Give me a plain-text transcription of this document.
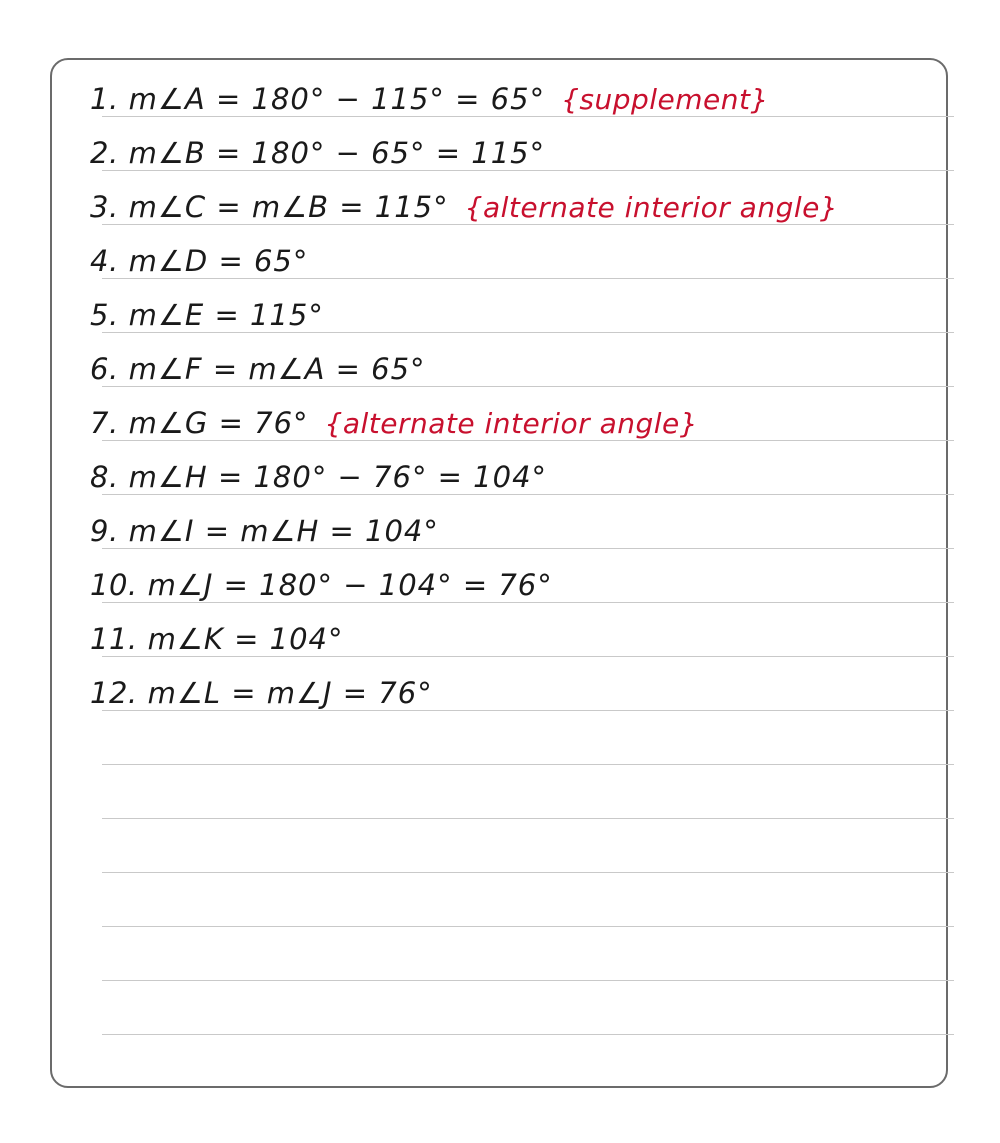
1. m∠A = 180° − 115° = 65° {supplement}
2. m∠B = 180° − 65° = 115°
3. m∠C = m∠B = 115° {alternate interior angle}
4. m∠D = 65°
5. m∠E = 115°
6. m∠F = m∠A = 65°
7. m∠G = 76° {alternate interior angle}
8. m∠H = 180° − 76° = 104°
9. m∠I = m∠H = 104°
10. m∠J = 180° − 104° = 76°
11. m∠K = 104°
12. m∠L = m∠J = 76°
